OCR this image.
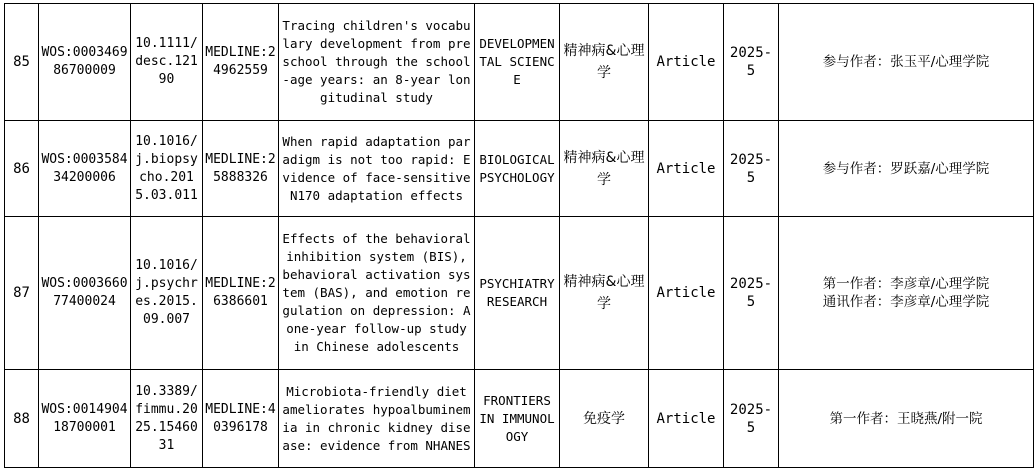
85	WOS:000346986700009	10.1111/desc.12190	MEDLINE:24962559	Tracing children's vocabulary development from preschool through the school-age years: an 8-year longitudinal study	DEVELOPMENTAL SCIENCE	精神病&心理学	Article	2025-5	参与作者：张玉平/心理学院

86	WOS:000358434200006	10.1016/j.biopsycho.2015.03.011	MEDLINE:25888326	When rapid adaptation paradigm is not too rapid: Evidence of face-sensitive N170 adaptation effects	BIOLOGICAL PSYCHOLOGY	精神病&心理学	Article	2025-5	参与作者：罗跃嘉/心理学院

87	WOS:000366077400024	10.1016/j.psychres.2015.09.007	MEDLINE:26386601	Effects of the behavioral inhibition system (BIS), behavioral activation system (BAS), and emotion regulation on depression: A one-year follow-up study in Chinese adolescents	PSYCHIATRY RESEARCH	精神病&心理学	Article	2025-5	第一作者：李彦章/心理学院
通讯作者：李彦章/心理学院

88	WOS:001490418700001	10.3389/fimmu.2025.1546031	MEDLINE:40396178	Microbiota-friendly diet ameliorates hypoalbuminemia in chronic kidney disease: evidence from NHANES	FRONTIERS IN IMMUNOLOGY	免疫学	Article	2025-5	第一作者：王晓燕/附一院
